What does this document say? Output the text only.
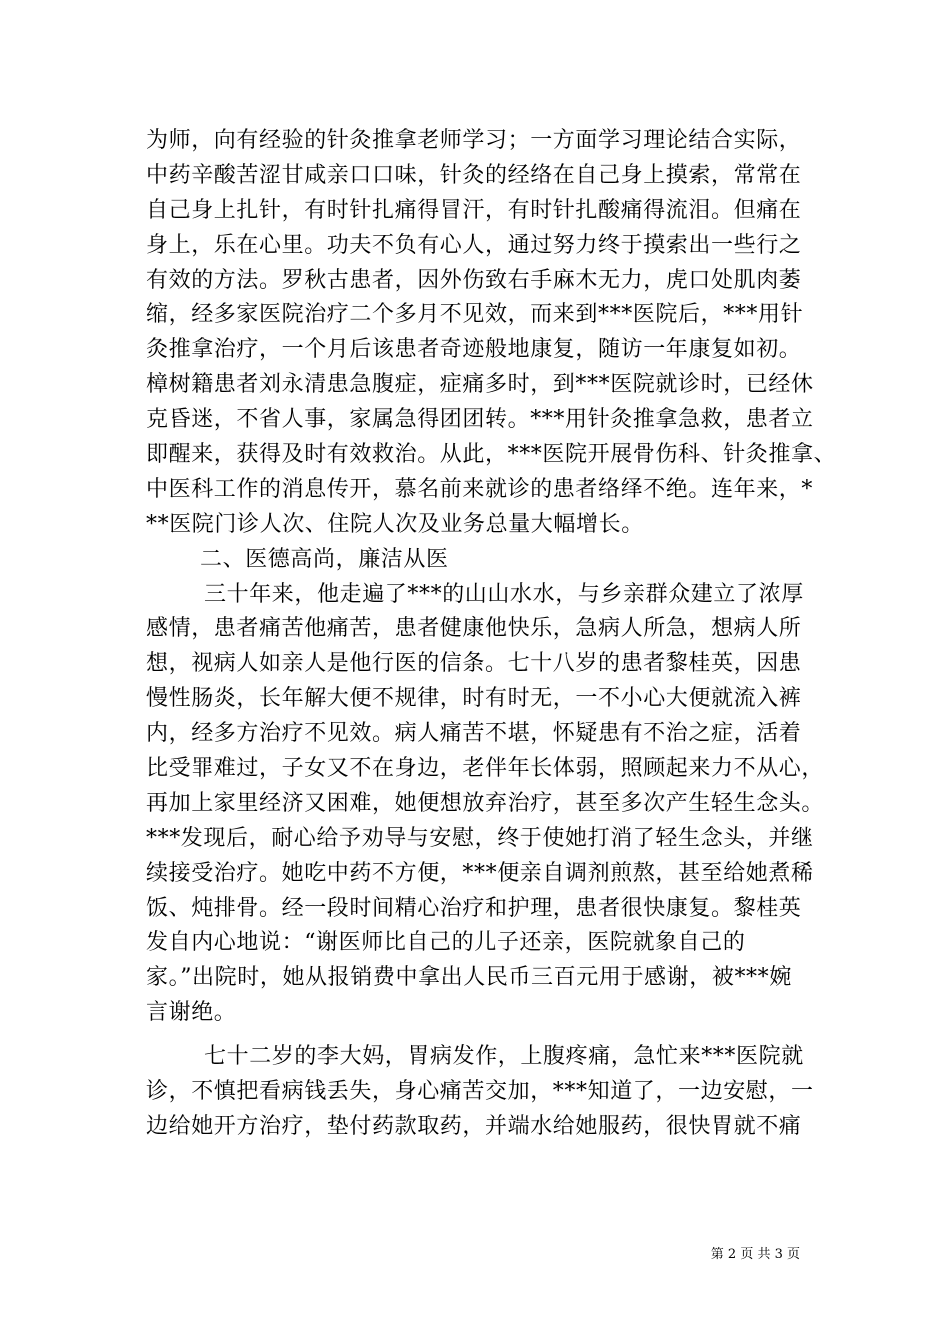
为师，向有经验的针灸推拿老师学习；一方面学习理论结合实际，
中药辛酸苦涩甘咸亲口口味，针灸的经络在自己身上摸索，常常在
自己身上扎针，有时针扎痛得冒汗，有时针扎酸痛得流泪。但痛在
身上，乐在心里。功夫不负有心人，通过努力终于摸索出一些行之
有效的方法。罗秋古患者，因外伤致右手麻木无力，虎口处肌肉萎
缩，经多家医院治疗二个多月不见效，而来到***医院后，***用针
灸推拿治疗，一个月后该患者奇迹般地康复，随访一年康复如初。
樟树籍患者刘永清患急腹症，症痛多时，到***医院就诊时，已经休
克昏迷，不省人事，家属急得团团转。***用针灸推拿急救，患者立
即醒来，获得及时有效救治。从此，***医院开展骨伤科、针灸推拿、
中医科工作的消息传开，慕名前来就诊的患者络绎不绝。连年来，*
**医院门诊人次、住院人次及业务总量大幅增长。
二、医德高尚，廉洁从医
三十年来，他走遍了***的山山水水，与乡亲群众建立了浓厚
感情，患者痛苦他痛苦，患者健康他快乐，急病人所急，想病人所
想，视病人如亲人是他行医的信条。七十八岁的患者黎桂英，因患
慢性肠炎，长年解大便不规律，时有时无，一不小心大便就流入裤
内，经多方治疗不见效。病人痛苦不堪，怀疑患有不治之症，活着
比受罪难过，子女又不在身边，老伴年长体弱，照顾起来力不从心，
再加上家里经济又困难，她便想放弃治疗，甚至多次产生轻生念头。
***发现后，耐心给予劝导与安慰，终于使她打消了轻生念头，并继
续接受治疗。她吃中药不方便，***便亲自调剂煎熬，甚至给她煮稀
饭、炖排骨。经一段时间精心治疗和护理，患者很快康复。黎桂英
发自内心地说：“谢医师比自己的儿子还亲，医院就象自己的
家。”出院时，她从报销费中拿出人民币三百元用于感谢，被***婉
言谢绝。
七十二岁的李大妈，胃病发作，上腹疼痛，急忙来***医院就
诊，不慎把看病钱丢失，身心痛苦交加，***知道了，一边安慰，一
边给她开方治疗，垫付药款取药，并端水给她服药，很快胃就不痛
第 2 页 共 3 页
